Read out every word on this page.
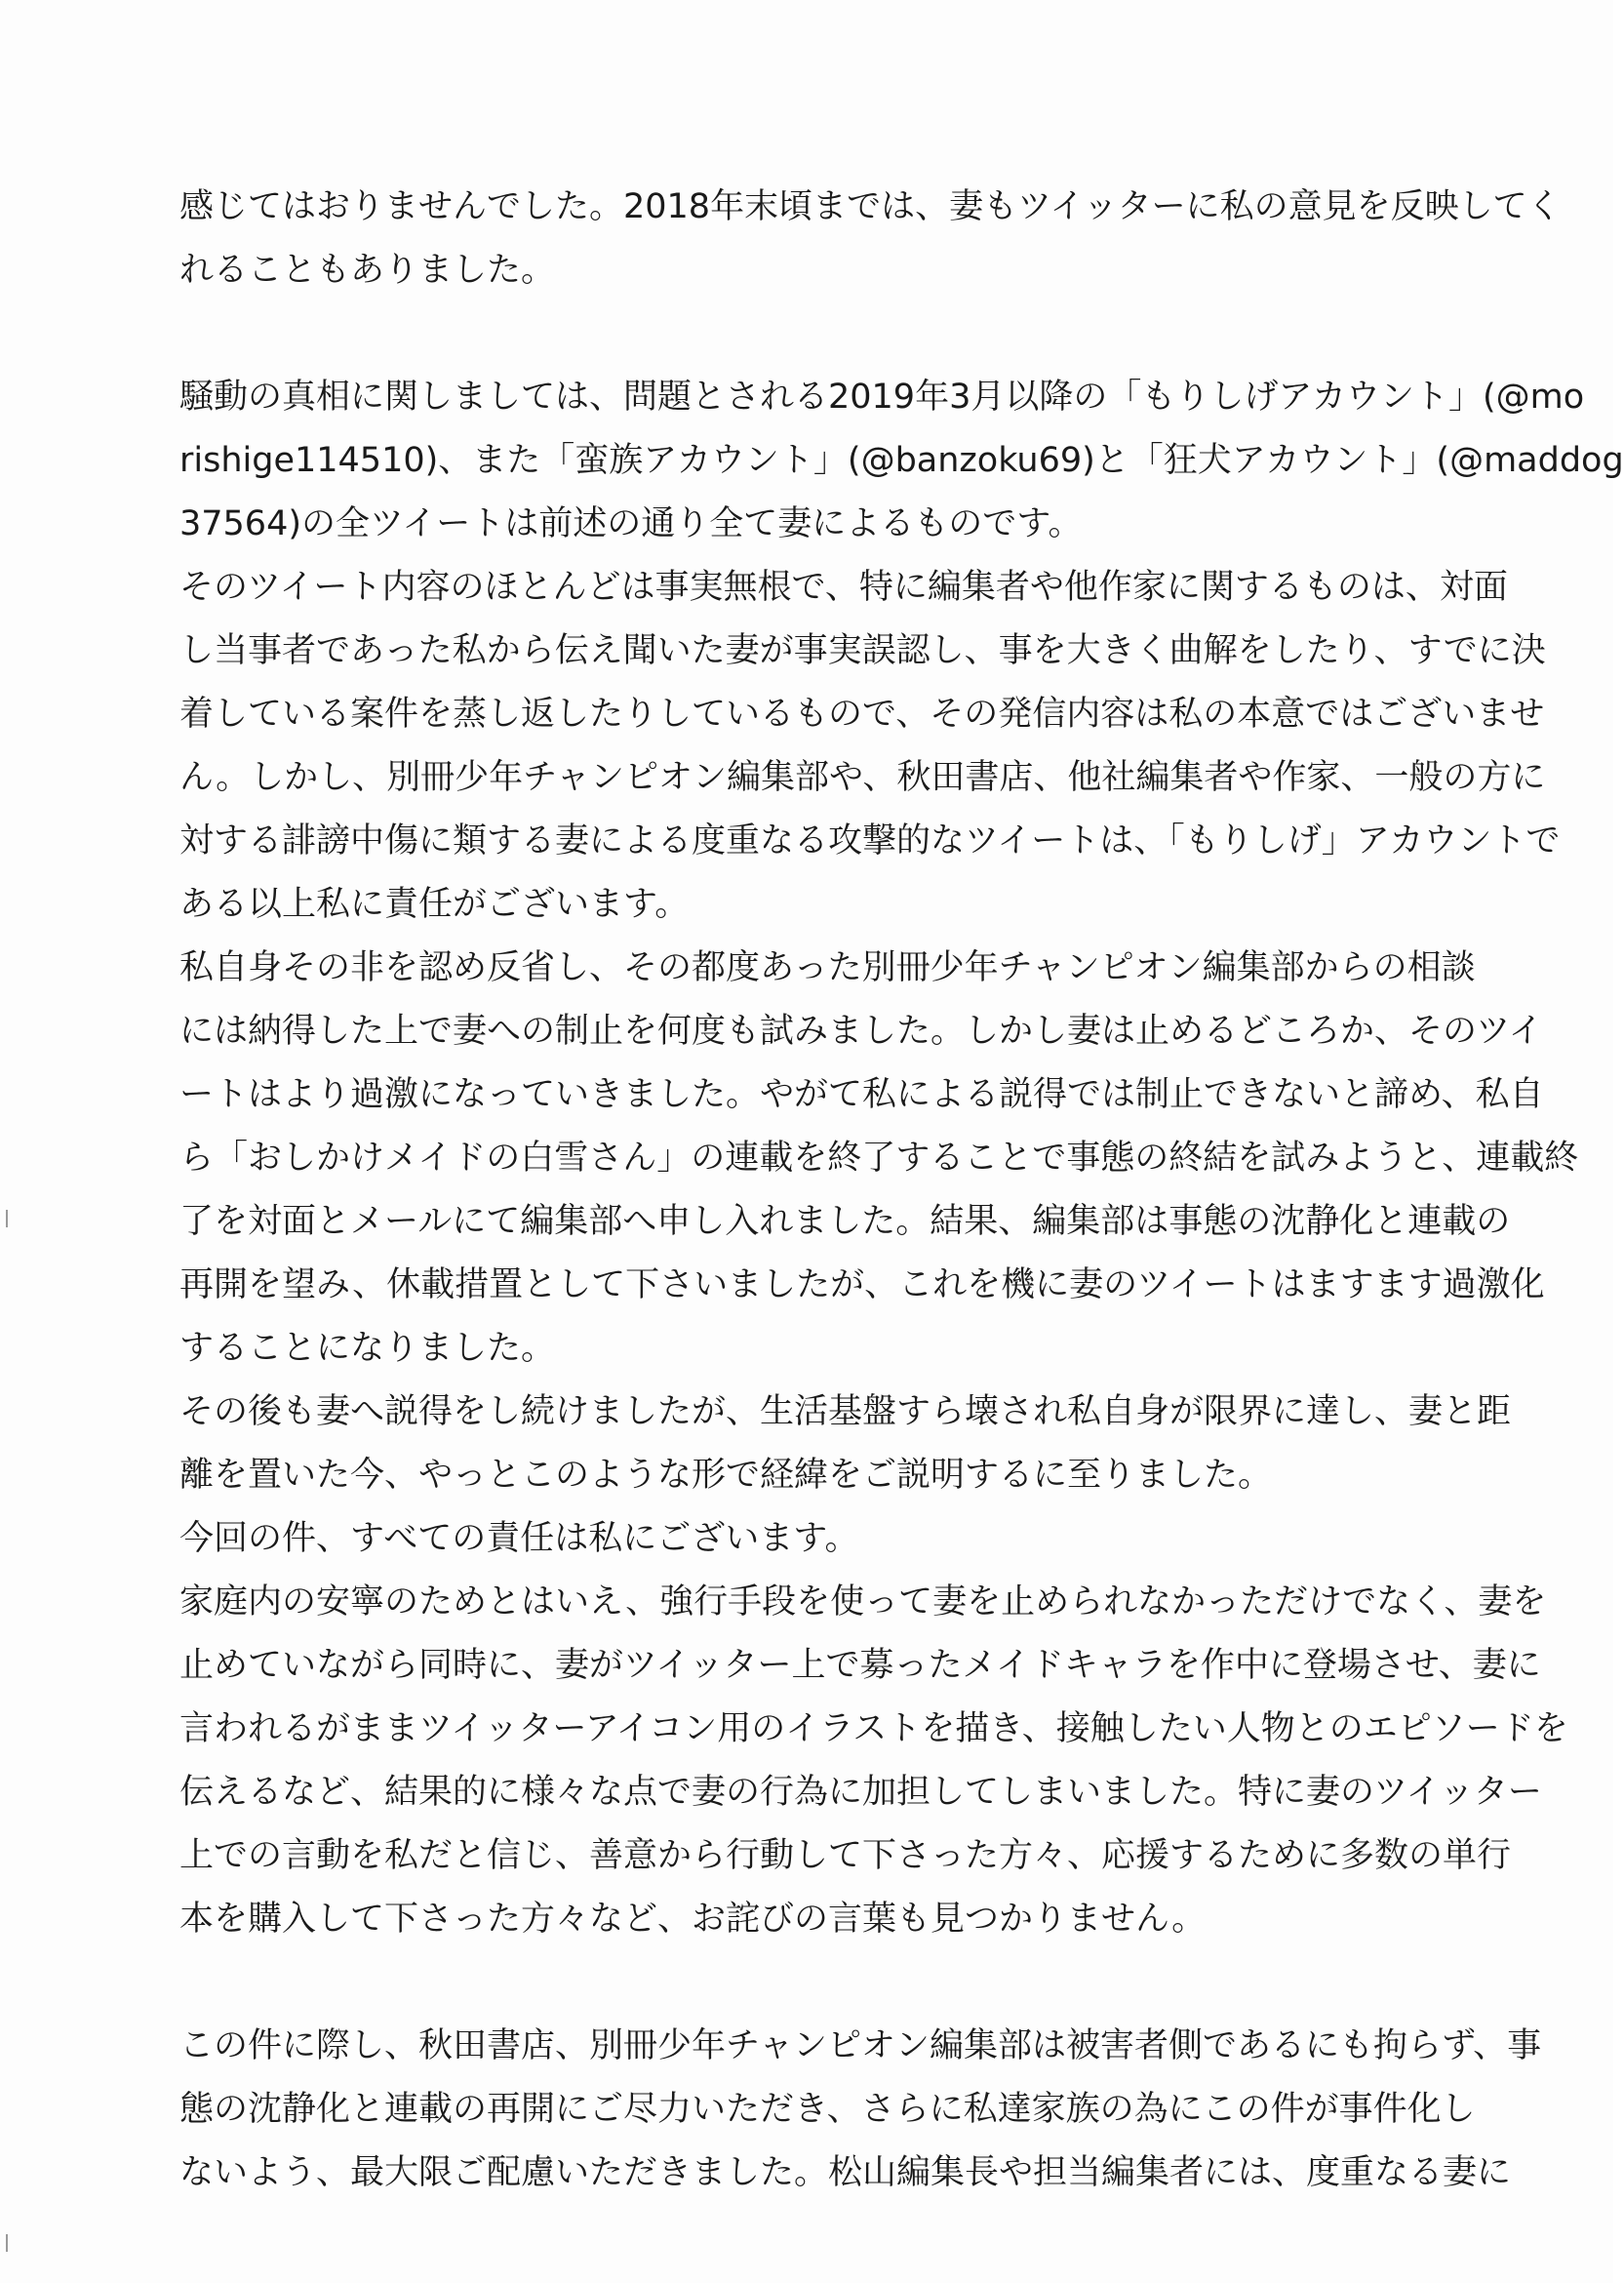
感じてはおりませんでした。2018年末頃までは、妻もツイッターに私の意見を反映してく
れることもありました。
騒動の真相に関しましては、問題とされる2019年3月以降の「もりしげアカウント」(@mo
rishige114510)、また「蛮族アカウント」(@banzoku69)と「狂犬アカウント」(@maddog
37564)の全ツイートは前述の通り全て妻によるものです。
そのツイート内容のほとんどは事実無根で、特に編集者や他作家に関するものは、対面
し当事者であった私から伝え聞いた妻が事実誤認し、事を大きく曲解をしたり、すでに決
着している案件を蒸し返したりしているもので、その発信内容は私の本意ではございませ
ん。しかし、別冊少年チャンピオン編集部や、秋田書店、他社編集者や作家、一般の方に
対する誹謗中傷に類する妻による度重なる攻撃的なツイートは、「もりしげ」アカウントで
ある以上私に責任がございます。
私自身その非を認め反省し、その都度あった別冊少年チャンピオン編集部からの相談
には納得した上で妻への制止を何度も試みました。しかし妻は止めるどころか、そのツイ
ートはより過激になっていきました。やがて私による説得では制止できないと諦め、私自
ら「おしかけメイドの白雪さん」の連載を終了することで事態の終結を試みようと、連載終
了を対面とメールにて編集部へ申し入れました。結果、編集部は事態の沈静化と連載の
再開を望み、休載措置として下さいましたが、これを機に妻のツイートはますます過激化
することになりました。
その後も妻へ説得をし続けましたが、生活基盤すら壊され私自身が限界に達し、妻と距
離を置いた今、やっとこのような形で経緯をご説明するに至りました。
今回の件、すべての責任は私にございます。
家庭内の安寧のためとはいえ、強行手段を使って妻を止められなかっただけでなく、妻を
止めていながら同時に、妻がツイッター上で募ったメイドキャラを作中に登場させ、妻に
言われるがままツイッターアイコン用のイラストを描き、接触したい人物とのエピソードを
伝えるなど、結果的に様々な点で妻の行為に加担してしまいました。特に妻のツイッター
上での言動を私だと信じ、善意から行動して下さった方々、応援するために多数の単行
本を購入して下さった方々など、お詫びの言葉も見つかりません。
この件に際し、秋田書店、別冊少年チャンピオン編集部は被害者側であるにも拘らず、事
態の沈静化と連載の再開にご尽力いただき、さらに私達家族の為にこの件が事件化し
ないよう、最大限ご配慮いただきました。松山編集長や担当編集者には、度重なる妻に
